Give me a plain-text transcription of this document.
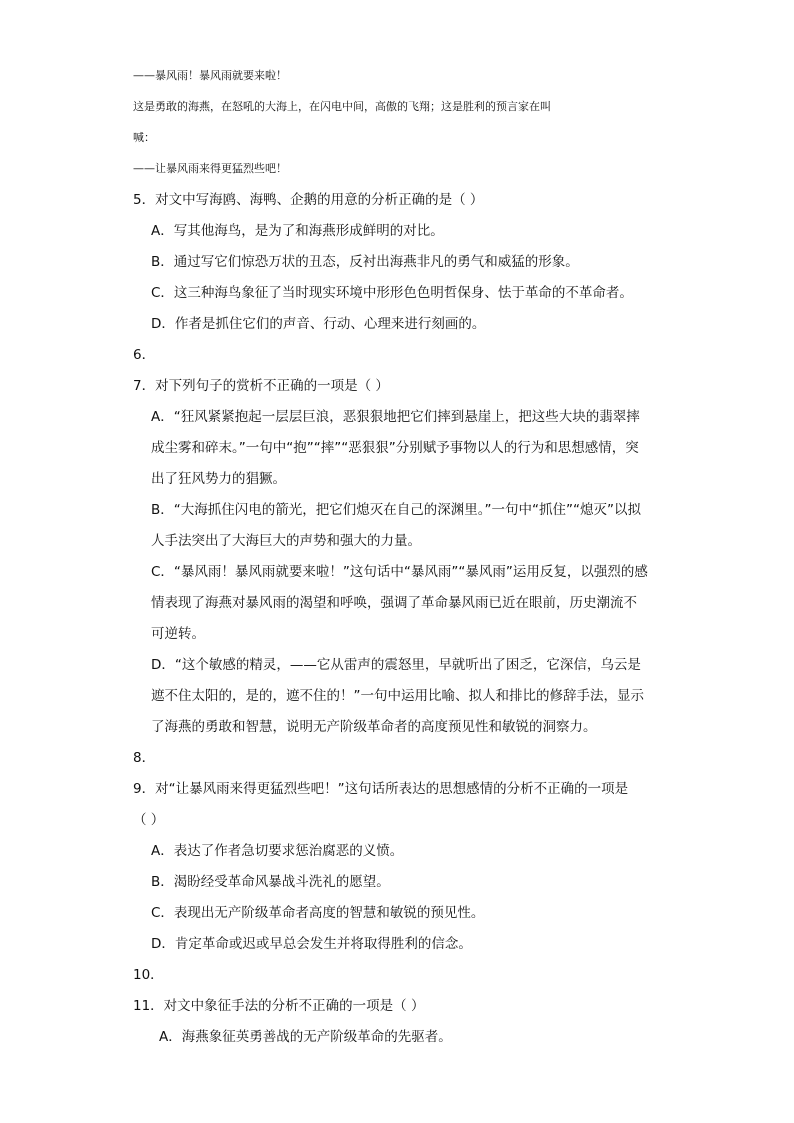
——暴风雨！暴风雨就要来啦！
这是勇敢的海燕，在怒吼的大海上，在闪电中间，高傲的飞翔；这是胜利的预言家在叫
喊：
——让暴风雨来得更猛烈些吧！
5．对文中写海鸥、海鸭、企鹅的用意的分析正确的是（ ）
A．写其他海鸟，是为了和海燕形成鲜明的对比。
B．通过写它们惊恐万状的丑态，反衬出海燕非凡的勇气和威猛的形象。
C．这三种海鸟象征了当时现实环境中形形色色明哲保身、怯于革命的不革命者。
D．作者是抓住它们的声音、行动、心理来进行刻画的。
6．
7．对下列句子的赏析不正确的一项是（ ）
A．“狂风紧紧抱起一层层巨浪，恶狠狠地把它们摔到悬崖上，把这些大块的翡翠摔
成尘雾和碎末。”一句中“抱”“摔”“恶狠狠”分别赋予事物以人的行为和思想感情，突
出了狂风势力的猖獗。
B．“大海抓住闪电的箭光，把它们熄灭在自己的深渊里。”一句中“抓住”“熄灭”以拟
人手法突出了大海巨大的声势和强大的力量。
C．“暴风雨！暴风雨就要来啦！”这句话中“暴风雨”“暴风雨”运用反复，以强烈的感
情表现了海燕对暴风雨的渴望和呼唤，强调了革命暴风雨已近在眼前，历史潮流不
可逆转。
D．“这个敏感的精灵，——它从雷声的震怒里，早就听出了困乏，它深信，乌云是
遮不住太阳的，是的，遮不住的！”一句中运用比喻、拟人和排比的修辞手法，显示
了海燕的勇敢和智慧，说明无产阶级革命者的高度预见性和敏锐的洞察力。
8．
9．对“让暴风雨来得更猛烈些吧！”这句话所表达的思想感情的分析不正确的一项是
（ ）
A．表达了作者急切要求惩治腐恶的义愤。
B．渴盼经受革命风暴战斗洗礼的愿望。
C．表现出无产阶级革命者高度的智慧和敏锐的预见性。
D．肯定革命或迟或早总会发生并将取得胜利的信念。
10．
11．对文中象征手法的分析不正确的一项是（ ）
A．海燕象征英勇善战的无产阶级革命的先驱者。
